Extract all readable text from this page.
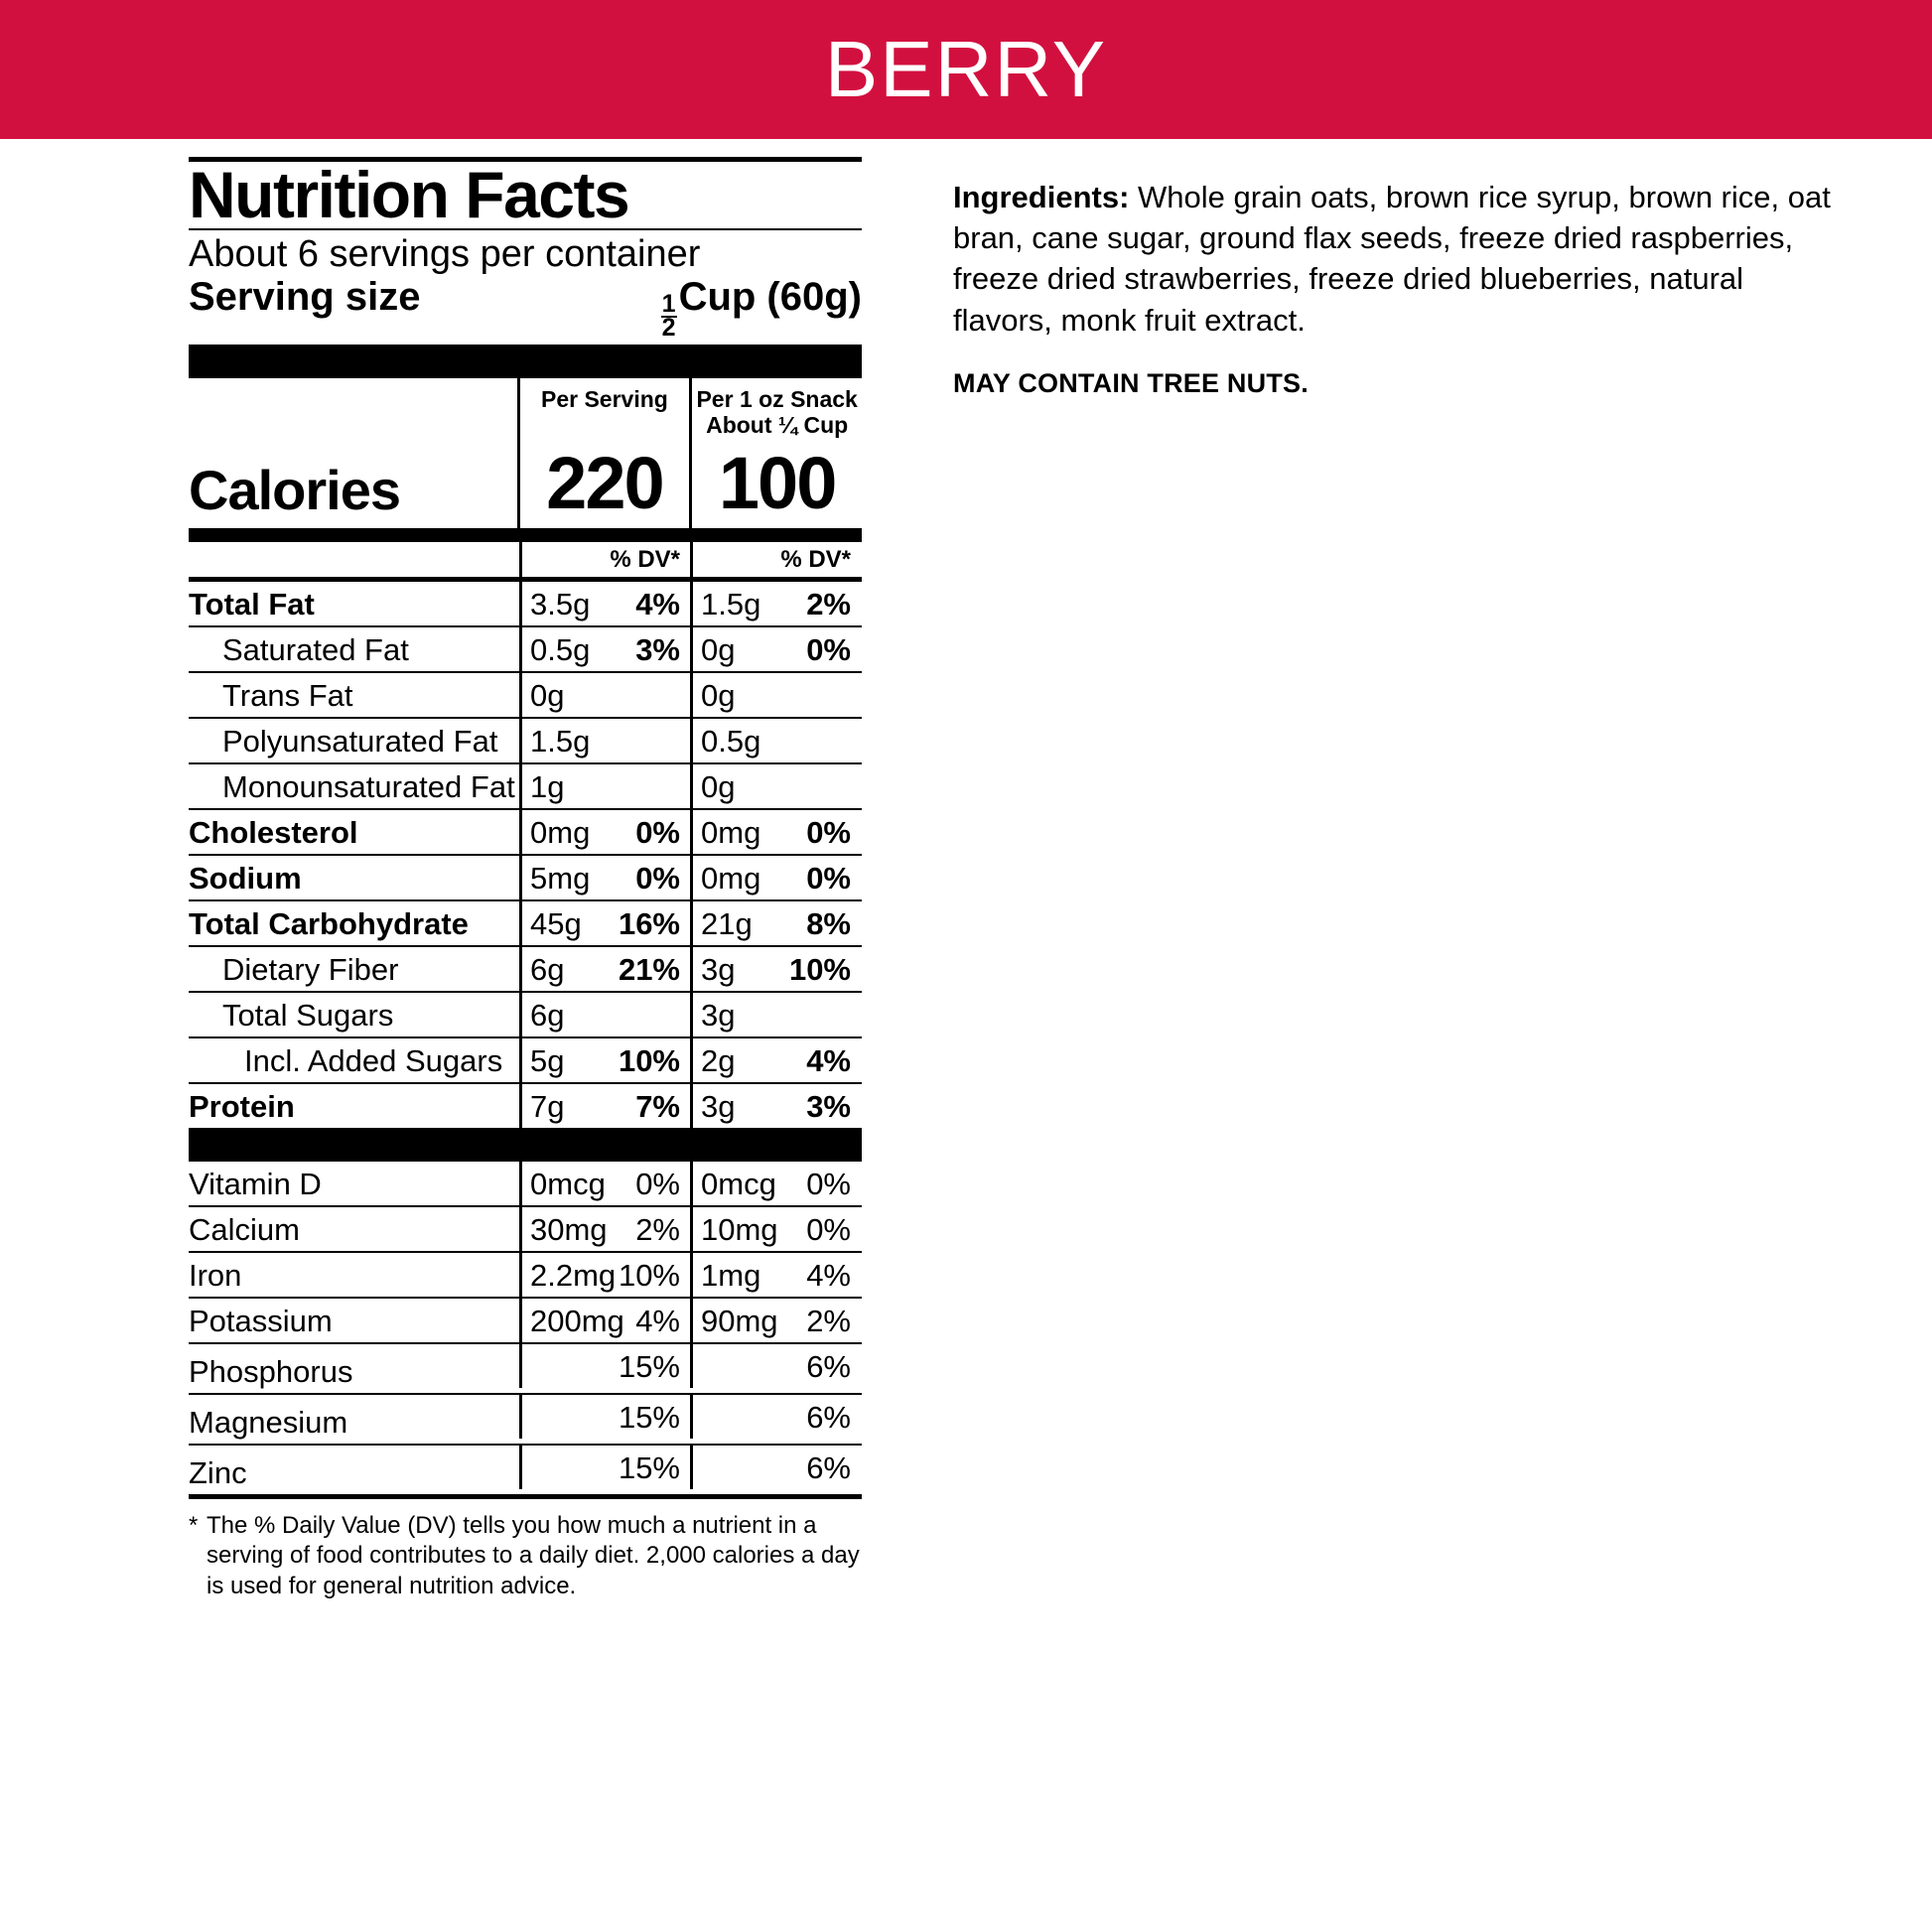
BERRY
Nutrition Facts
About 6 servings per container
Serving size	$\frac{1}{2}$ Cup (60g)
Per Serving	Per 1 oz Snack
About ¼ Cup
Calories	220 100
% DV*	% DV*
Total Fat	3.5g 4% 1.5g 2%
Saturated Fat	0.5g 3% 0g 0%
Trans Fat	0g	0g
Polyunsaturated Fat	1.5g	0.5g
Monounsaturated Fat 1g	0g
Cholesterol	0mg 0% 0mg 0%
Sodium	5mg 0% 0mg 0%
Total Carbohydrate	45g 16% 21g 8%
Dietary Fiber	6g 21% 3g 10%
Total Sugars	6g	3g
Incl. Added Sugars 5g 10% 2g 4%
Protein	7g 7% 3g 3%
Vitamin D	0mcg 0% 0mcg 0%
Calcium	30mg 2% 10mg 0%
Iron	2.2mg 10% 1mg 4%
Potassium	200mg 4% 90mg 2%
Phosphorus	15%	6%
Magnesium	15%	6%
Zinc	15%	6%
* The % Daily Value (DV) tells you how much a nutrient in a serving of food contributes to a daily diet. 2,000 calories a day is used for general nutrition advice.

Ingredients: Whole grain oats, brown rice syrup, brown rice, oat bran, cane sugar, ground flax seeds, freeze dried raspberries, freeze dried strawberries, freeze dried blueberries, natural flavors, monk fruit extract.

MAY CONTAIN TREE NUTS.
